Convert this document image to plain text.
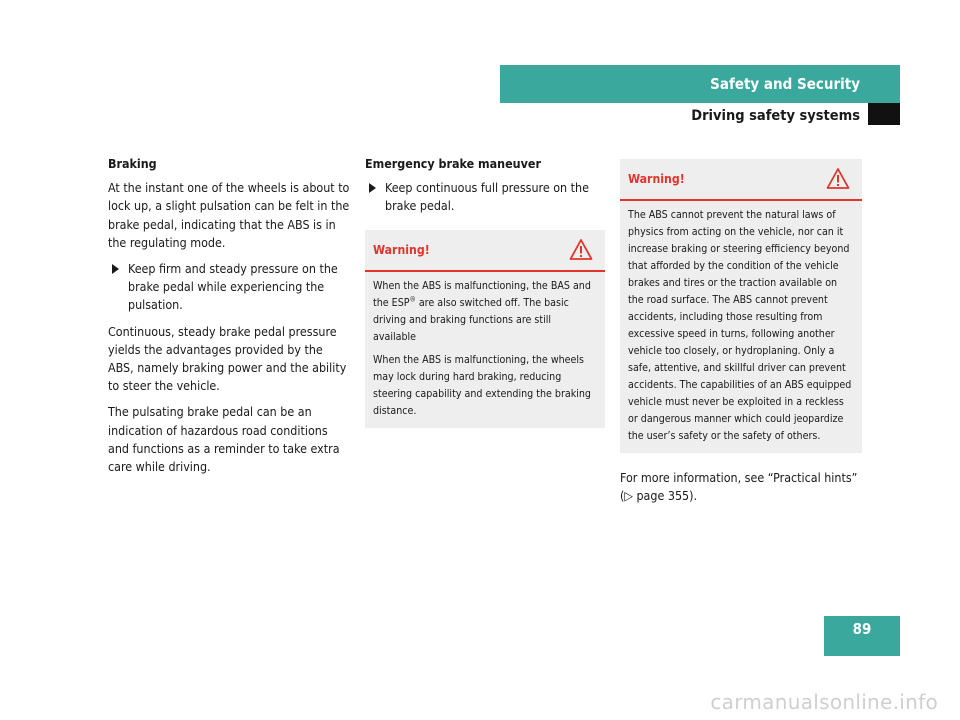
Safety and Security
Driving safety systems
Braking

At the instant one of the wheels is about to lock up, a slight pulsation can be felt in the brake pedal, indicating that the ABS is in the regulating mode.

Keep firm and steady pressure on the brake pedal while experiencing the pulsation.

Continuous, steady brake pedal pressure yields the advantages provided by the ABS, namely braking power and the ability to steer the vehicle.

The pulsating brake pedal can be an indication of hazardous road conditions and functions as a reminder to take extra care while driving.

Emergency brake maneuver
Keep continuous full pressure on the brake pedal.
Warning!

When the ABS is malfunctioning, the BAS and the ESP® are also switched off. The basic driving and braking functions are still available

When the ABS is malfunctioning, the wheels may lock during hard braking, reducing steering capability and extending the braking distance.

Warning!

The ABS cannot prevent the natural laws of physics from acting on the vehicle, nor can it increase braking or steering efficiency beyond that afforded by the condition of the vehicle brakes and tires or the traction available on the road surface. The ABS cannot prevent accidents, including those resulting from excessive speed in turns, following another vehicle too closely, or hydroplaning. Only a safe, attentive, and skillful driver can prevent accidents. The capabilities of an ABS equipped vehicle must never be exploited in a reckless or dangerous manner which could jeopardize the user’s safety or the safety of others.

For more information, see “Practical hints”
(▷ page 355).
89
carmanualsonline.info
